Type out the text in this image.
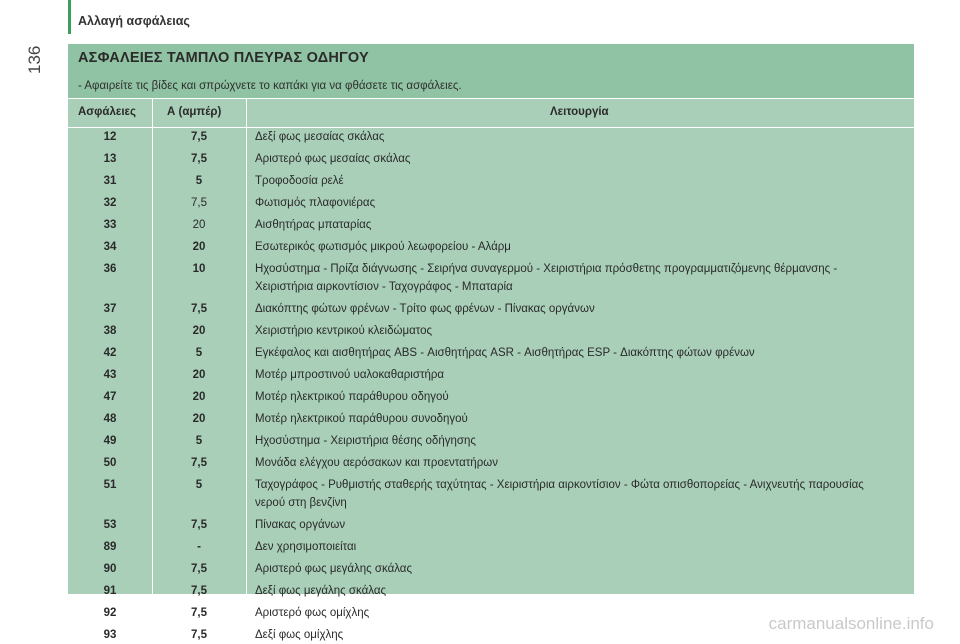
Αλλαγή ασφάλειας
136	ΑΣΦΑΛΕΙΕΣ ΤΑΜΠΛΟ ΠΛΕΥΡΑΣ ΟΔΗΓΟΥ
- Αφαιρείτε τις βίδες και σπρώχνετε το καπάκι για να φθάσετε τις ασφάλειες.
Ασφάλειες	Α (αμπέρ)	Λειτουργία
12	7,5	Δεξί φως μεσαίας σκάλας
13	7,5	Αριστερό φως μεσαίας σκάλας
31	5	Τροφοδοσία ρελέ
32	7,5	Φωτισμός πλαφονιέρας
33	20	Αισθητήρας μπαταρίας
34	20	Εσωτερικός φωτισμός μικρού λεωφορείου - Αλάρμ
36	10	Ηχοσύστημα - Πρίζα διάγνωσης - Σειρήνα συναγερμού - Χειριστήρια πρόσθετης προγραμματιζόμενης θέρμανσης - Χειριστήρια αιρκοντίσιον - Ταχογράφος - Μπαταρία
37	7,5	Διακόπτης φώτων φρένων - Τρίτο φως φρένων - Πίνακας οργάνων
38	20	Χειριστήριο κεντρικού κλειδώματος
42	5	Εγκέφαλος και αισθητήρας ABS - Αισθητήρας ASR - Αισθητήρας ESP - Διακόπτης φώτων φρένων
43	20	Μοτέρ μπροστινού υαλοκαθαριστήρα
47	20	Μοτέρ ηλεκτρικού παράθυρου οδηγού
48	20	Μοτέρ ηλεκτρικού παράθυρου συνοδηγού
49	5	Ηχοσύστημα - Χειριστήρια θέσης οδήγησης
50	7,5	Μονάδα ελέγχου αερόσακων και προεντατήρων
51	5	Ταχογράφος - Ρυθμιστής σταθερής ταχύτητας - Χειριστήρια αιρκοντίσιον - Φώτα οπισθοπορείας - Ανιχνευτής παρουσίας νερού στη βενζίνη
53	7,5	Πίνακας οργάνων
89	-	Δεν χρησιμοποιείται
90	7,5	Αριστερό φως μεγάλης σκάλας
91	7,5	Δεξί φως μεγάλης σκάλας
92	7,5	Αριστερό φως ομίχλης
93	7,5	Δεξί φως ομίχλης
carmanualsonline.info
